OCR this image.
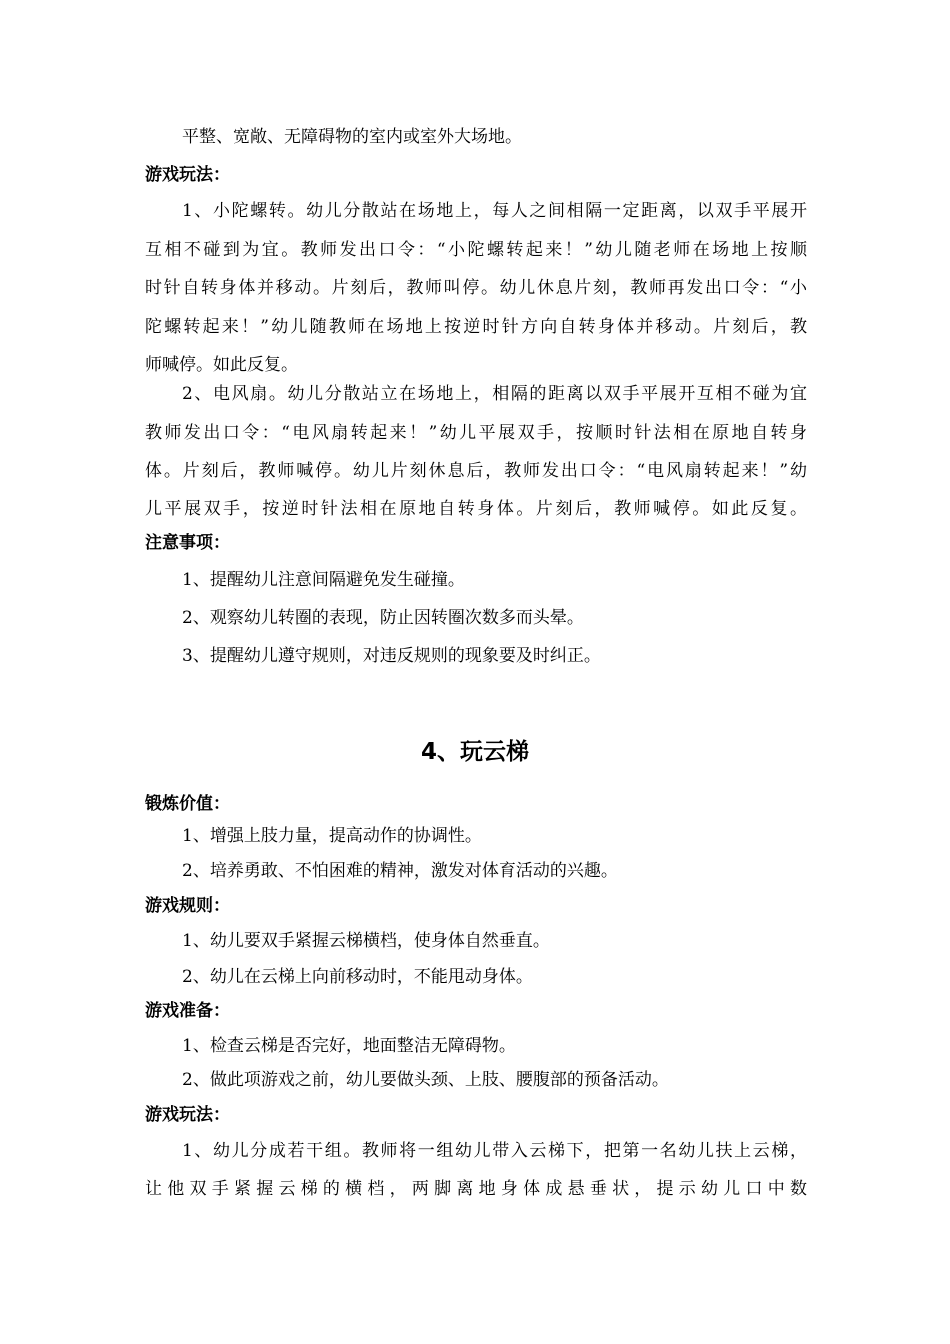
平整、宽敞、无障碍物的室内或室外大场地。
游戏玩法：
1、小陀螺转。幼儿分散站在场地上，每人之间相隔一定距离，以双手平展开
互相不碰到为宜。教师发出口令：“小陀螺转起来！”幼儿随老师在场地上按顺
时针自转身体并移动。片刻后，教师叫停。幼儿休息片刻，教师再发出口令：“小
陀螺转起来！”幼儿随教师在场地上按逆时针方向自转身体并移动。片刻后，教
师喊停。如此反复。
2、电风扇。幼儿分散站立在场地上，相隔的距离以双手平展开互相不碰为宜
教师发出口令：“电风扇转起来！”幼儿平展双手，按顺时针法相在原地自转身
体。片刻后，教师喊停。幼儿片刻休息后，教师发出口令：“电风扇转起来！”幼
儿平展双手，按逆时针法相在原地自转身体。片刻后，教师喊停。如此反复。
注意事项：
1、提醒幼儿注意间隔避免发生碰撞。
2、观察幼儿转圈的表现，防止因转圈次数多而头晕。
3、提醒幼儿遵守规则，对违反规则的现象要及时纠正。
4、玩云梯
锻炼价值：
1、增强上肢力量，提高动作的协调性。
2、培养勇敢、不怕困难的精神，激发对体育活动的兴趣。
游戏规则：
1、幼儿要双手紧握云梯横档，使身体自然垂直。
2、幼儿在云梯上向前移动时，不能甩动身体。
游戏准备：
1、检查云梯是否完好，地面整洁无障碍物。
2、做此项游戏之前，幼儿要做头颈、上肢、腰腹部的预备活动。
游戏玩法：
1、幼儿分成若干组。教师将一组幼儿带入云梯下，把第一名幼儿扶上云梯，
让他双手紧握云梯的横档，两脚离地身体成悬垂状，提示幼儿口中数
